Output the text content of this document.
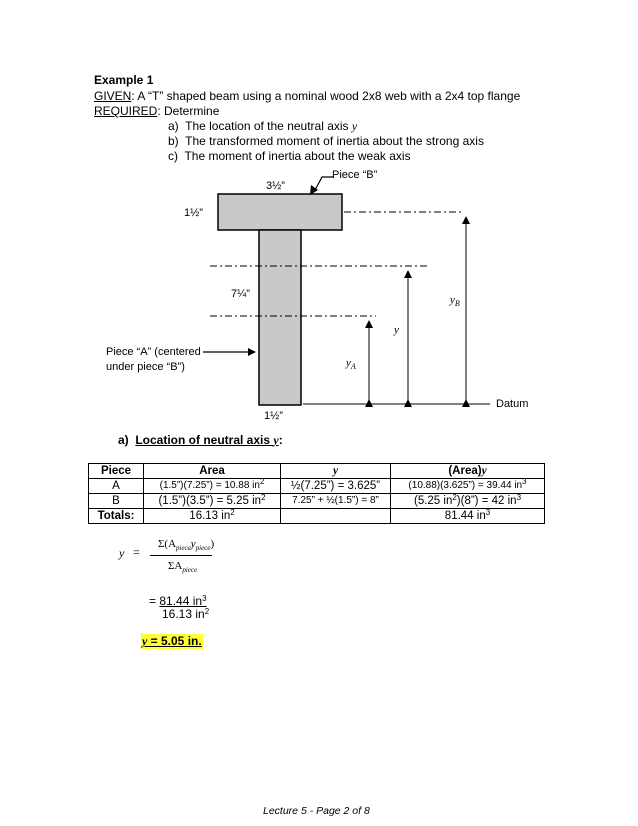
Example 1
GIVEN: A “T” shaped beam using a nominal wood 2x8 web with a 2x4 top flange
REQUIRED: Determine
a) The location of the neutral axis y
b) The transformed moment of inertia about the strong axis
c) The moment of inertia about the weak axis
Piece “B”
3½”
1½”
7¼”
1½”
Piece “A” (centered
under piece “B”)
Datum
y
$y_A$
$y_B$
a) Location of neutral axis y:
Piece	Area	y	(Area)y
A	(1.5”)(7.25”) = 10.88 $in^2$	½(7.25”) = 3.625”	(10.88)(3.625”) = 39.44 $in^3$
B	(1.5”)(3.5”) = 5.25 $in^2$	7.25” + ½(1.5”) = 8”	(5.25 $in^2)(8”) = 42$ $in^3$
Totals:	16.13 $in^2$		81.44 $in^3$
y =
$\Sigma(A_{piece}y_{piece})$
$\Sigma A_{piece}$
= 81.44 $in^3$
16.13 $in^2$
y = 5.05 in.
Lecture 5 - Page 2 of 8
